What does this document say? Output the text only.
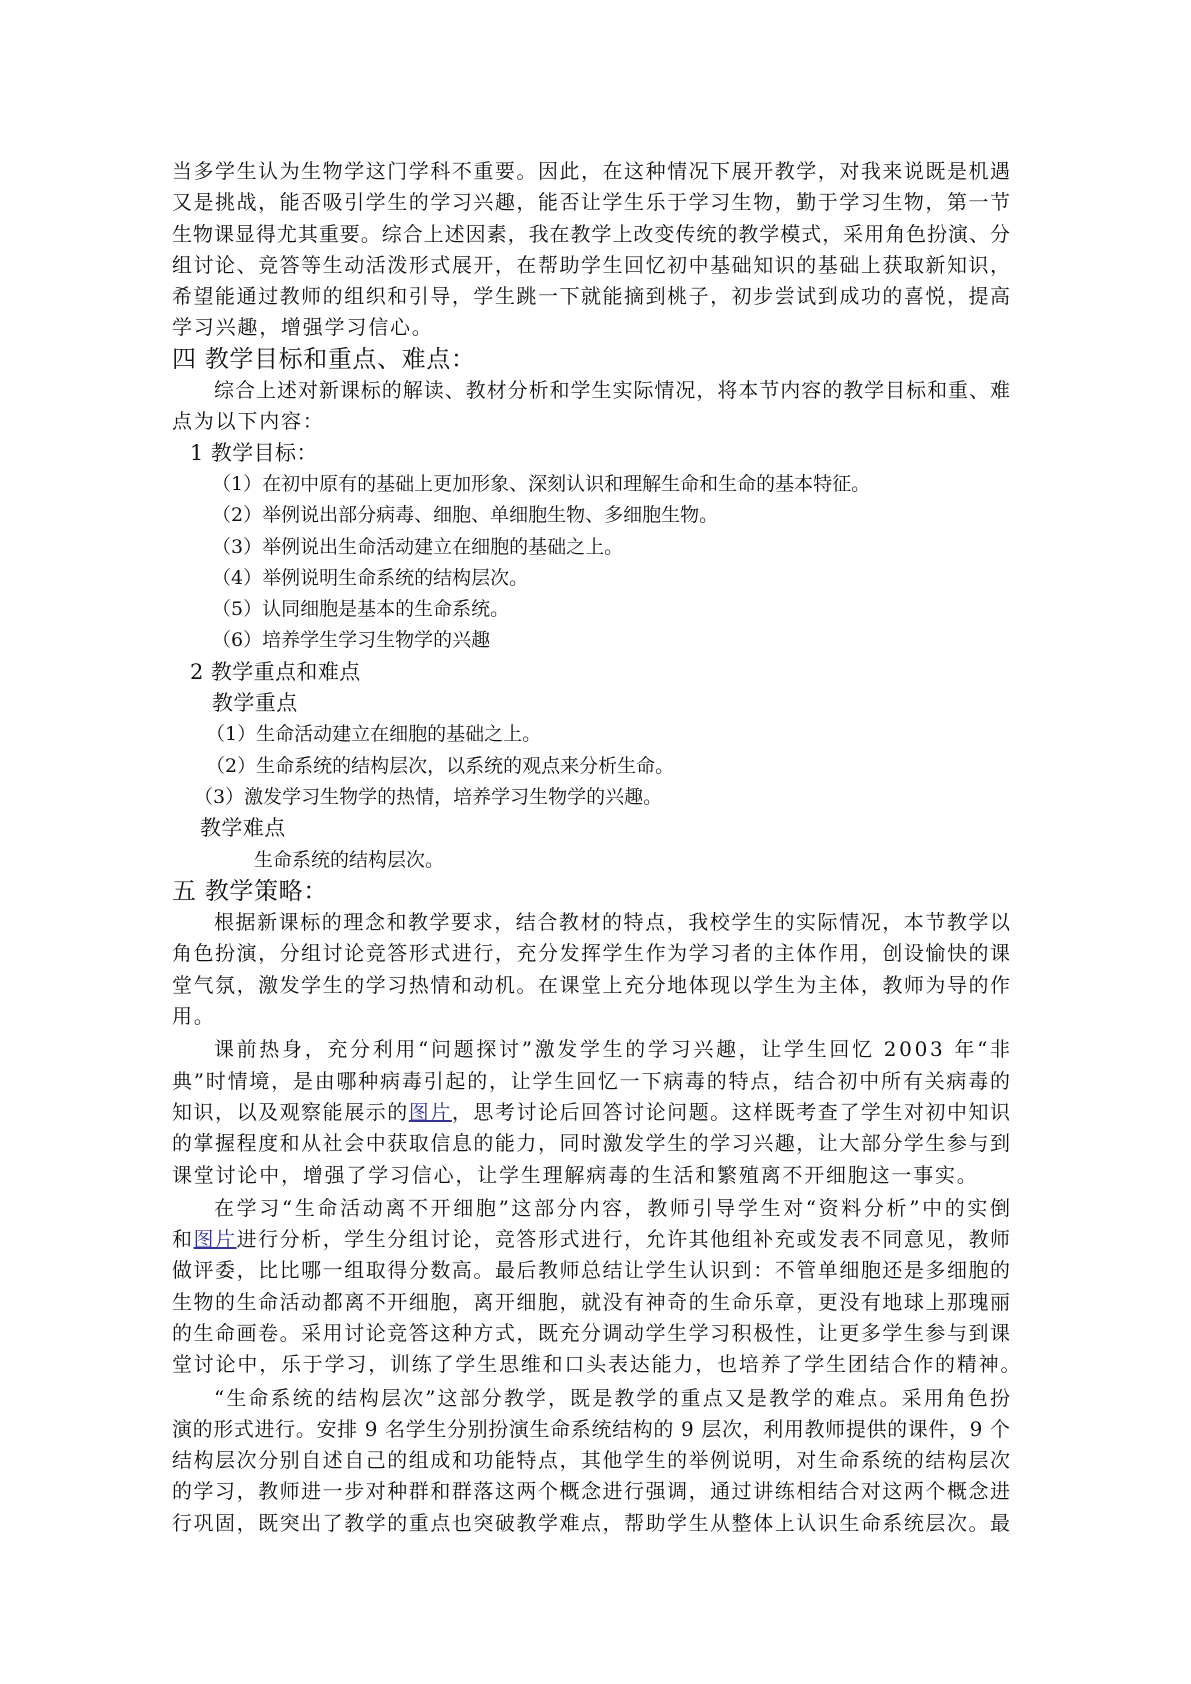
当多学生认为生物学这门学科不重要。因此，在这种情况下展开教学，对我来说既是机遇
又是挑战，能否吸引学生的学习兴趣，能否让学生乐于学习生物，勤于学习生物，第一节
生物课显得尤其重要。综合上述因素，我在教学上改变传统的教学模式，采用角色扮演、分
组讨论、竞答等生动活泼形式展开，在帮助学生回忆初中基础知识的基础上获取新知识，
希望能通过教师的组织和引导，学生跳一下就能摘到桃子，初步尝试到成功的喜悦，提高
学习兴趣，增强学习信心。
四 教学目标和重点、难点：
综合上述对新课标的解读、教材分析和学生实际情况，将本节内容的教学目标和重、难
点为以下内容：
1 教学目标：
（1）在初中原有的基础上更加形象、深刻认识和理解生命和生命的基本特征。
（2）举例说出部分病毒、细胞、单细胞生物、多细胞生物。
（3）举例说出生命活动建立在细胞的基础之上。
（4）举例说明生命系统的结构层次。
（5）认同细胞是基本的生命系统。
（6）培养学生学习生物学的兴趣
2 教学重点和难点
教学重点
（1）生命活动建立在细胞的基础之上。
（2）生命系统的结构层次，以系统的观点来分析生命。
（3）激发学习生物学的热情，培养学习生物学的兴趣。
教学难点
生命系统的结构层次。
五 教学策略：
根据新课标的理念和教学要求，结合教材的特点，我校学生的实际情况，本节教学以
角色扮演，分组讨论竞答形式进行，充分发挥学生作为学习者的主体作用，创设愉快的课
堂气氛，激发学生的学习热情和动机。在课堂上充分地体现以学生为主体，教师为导的作
用。
课前热身，充分利用“问题探讨”激发学生的学习兴趣，让学生回忆 2003 年“非
典”时情境，是由哪种病毒引起的，让学生回忆一下病毒的特点，结合初中所有关病毒的
知识，以及观察能展示的图片，思考讨论后回答讨论问题。这样既考查了学生对初中知识
的掌握程度和从社会中获取信息的能力，同时激发学生的学习兴趣，让大部分学生参与到
课堂讨论中，增强了学习信心，让学生理解病毒的生活和繁殖离不开细胞这一事实。
在学习“生命活动离不开细胞”这部分内容，教师引导学生对“资料分析”中的实倒
和图片进行分析，学生分组讨论，竞答形式进行，允许其他组补充或发表不同意见，教师
做评委，比比哪一组取得分数高。最后教师总结让学生认识到：不管单细胞还是多细胞的
生物的生命活动都离不开细胞，离开细胞，就没有神奇的生命乐章，更没有地球上那瑰丽
的生命画卷。采用讨论竞答这种方式，既充分调动学生学习积极性，让更多学生参与到课
堂讨论中，乐于学习，训练了学生思维和口头表达能力，也培养了学生团结合作的精神。
“生命系统的结构层次”这部分教学，既是教学的重点又是教学的难点。采用角色扮
演的形式进行。安排 9 名学生分别扮演生命系统结构的 9 层次，利用教师提供的课件，9 个
结构层次分别自述自己的组成和功能特点，其他学生的举例说明，对生命系统的结构层次
的学习，教师进一步对种群和群落这两个概念进行强调，通过讲练相结合对这两个概念进
行巩固，既突出了教学的重点也突破教学难点，帮助学生从整体上认识生命系统层次。最
